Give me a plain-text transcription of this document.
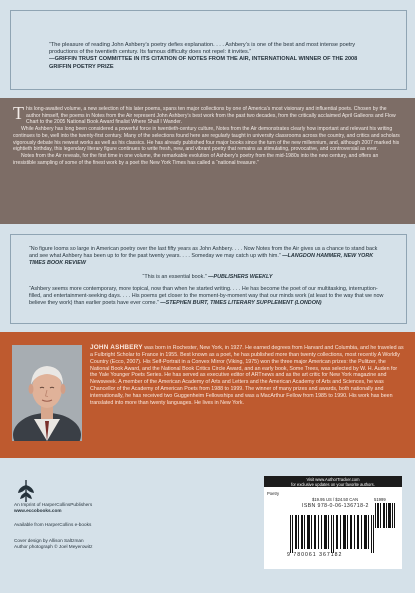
“The pleasure of reading John Ashbery’s poetry defies explanation. . . . Ashbery’s is one of the best and most intense poetry productions of the twentieth century. Its famous difficulty does not repel: it invites.”
—GRIFFIN TRUST COMMITTEE IN ITS CITATION OF NOTES FROM THE AIR, INTERNATIONAL WINNER OF THE 2008 GRIFFIN POETRY PRIZE

This long-awaited volume, a new selection of his later poems, spans ten major collections by one of America’s most visionary and influential poets. Chosen by the author himself, the poems in Notes from the Air represent John Ashbery’s best work from the past two decades, from the critically acclaimed April Galleons and Flow Chart to the 2005 National Book Award finalist Where Shall I Wander.

While Ashbery has long been considered a powerful force in twentieth-century culture, Notes from the Air demonstrates clearly how important and relevant his writing continues to be, well into the twenty-first century. Many of the selections found here are regularly taught in university classrooms across the country, and critics and scholars vigorously debate his newest works as well as his classics. He has already published four major books since the turn of the new millennium, and, although 2007 marked his eightieth birthday, this legendary literary figure continues to write fresh, new, and vibrant poetry that remains as stimulating, provocative, and controversial as ever.

Notes from the Air reveals, for the first time in one volume, the remarkable evolution of Ashbery’s poetry from the mid-1980s into the new century, and offers an irresistible sampling of some of the finest work by a poet the New York Times has called a “national treasure.”

“No figure looms so large in American poetry over the last fifty years as John Ashbery. . . . Now Notes from the Air gives us a chance to stand back and see what Ashbery has been up to for the past twenty years. . . . Someday we may catch up with him.” —LANGDON HAMMER, NEW YORK TIMES BOOK REVIEW
“This is an essential book.” —PUBLISHERS WEEKLY
“Ashbery seems more contemporary, more topical, now than when he started writing. . . . He has become the poet of our multitasking, interruption-filled, and entertainment-seeking days. . . . His poems get closer to the moment-by-moment way that our minds work (at least to the way that we now believe they work) than earlier poets have ever come.” —STEPHEN BURT, TIMES LITERARY SUPPLEMENT (LONDON)
JOHN ASHBERY was born in Rochester, New York, in 1927. He earned degrees from Harvard and Columbia, and he traveled as a Fulbright Scholar to France in 1955. Best known as a poet, he has published more than twenty collections, most recently A Worldly Country (Ecco, 2007). His Self-Portrait in a Convex Mirror (Viking, 1975) won the three major American prizes: the Pulitzer, the National Book Award, and the National Book Critics Circle Award, and an early book, Some Trees, was selected by W. H. Auden for the Yale Younger Poets Series. He has served as executive editor of ARTnews and as the art critic for New York magazine and Newsweek. A member of the American Academy of Arts and Letters and the American Academy of Arts and Sciences, he was Chancellor of the Academy of American Poets from 1988 to 1999. The winner of many prizes and awards, both nationally and internationally, he has received two Guggenheim Fellowships and was a MacArthur Fellow from 1985 to 1990. His work has been translated into more than twenty languages. He lives in New York.
An Imprint of HarperCollinsPublishers
www.eccobooks.com
Available from HarperCollins e-books
Cover design by Allison Saltzman
Author photograph © Joel Meyerowitz
Visit www.AuthorTracker.com
for exclusive updates on your favorite authors.
Poetry
$19.95 US / $24.50 CAN
ISBN 978-0-06-136718-2
51999
ECCO
9 780061 367182
